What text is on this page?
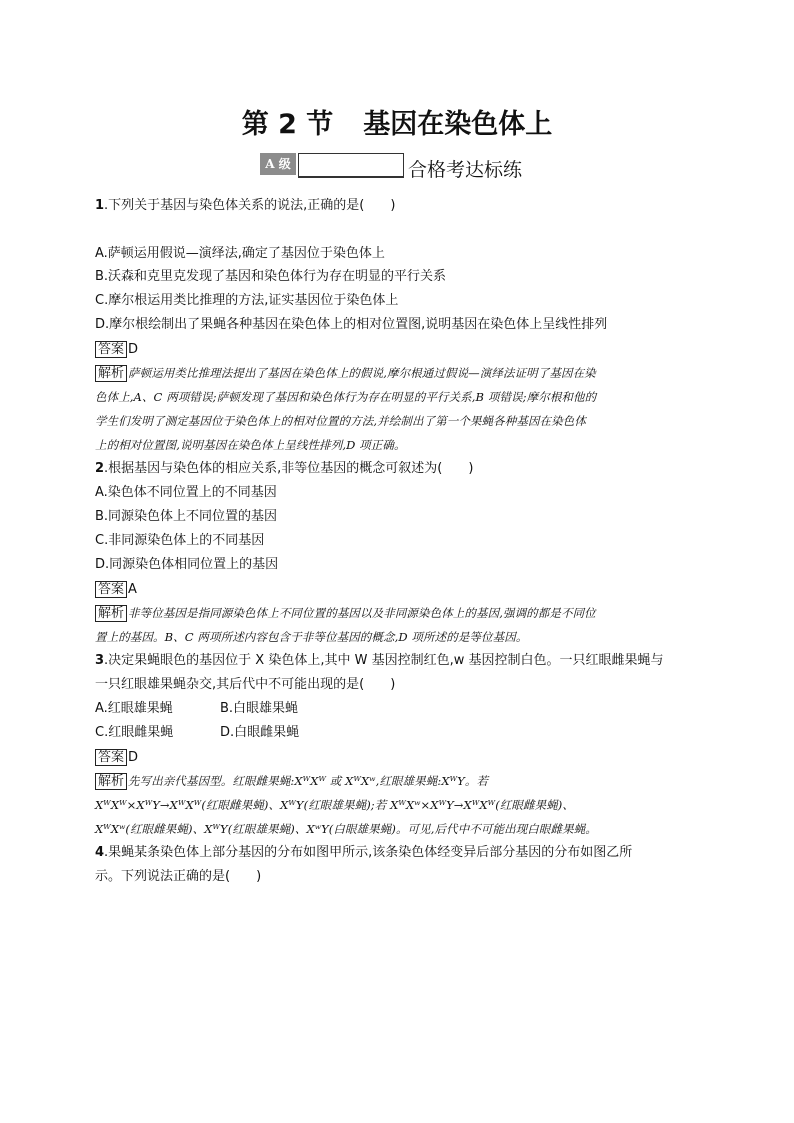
第 2 节 基因在染色体上
A 级	合格考达标练
1.下列关于基因与染色体关系的说法,正确的是(　　)
A.萨顿运用假说—演绎法,确定了基因位于染色体上
B.沃森和克里克发现了基因和染色体行为存在明显的平行关系
C.摩尔根运用类比推理的方法,证实基因位于染色体上
D.摩尔根绘制出了果蝇各种基因在染色体上的相对位置图,说明基因在染色体上呈线性排列
答案 D
解析 萨顿运用类比推理法提出了基因在染色体上的假说,摩尔根通过假说—演绎法证明了基因在染
色体上,A、C 两项错误;萨顿发现了基因和染色体行为存在明显的平行关系,B 项错误;摩尔根和他的
学生们发明了测定基因位于染色体上的相对位置的方法,并绘制出了第一个果蝇各种基因在染色体
上的相对位置图,说明基因在染色体上呈线性排列,D 项正确。
2.根据基因与染色体的相应关系,非等位基因的概念可叙述为(　　)
A.染色体不同位置上的不同基因
B.同源染色体上不同位置的基因
C.非同源染色体上的不同基因
D.同源染色体相同位置上的基因
答案 A
解析 非等位基因是指同源染色体上不同位置的基因以及非同源染色体上的基因,强调的都是不同位
置上的基因。B、C 两项所述内容包含于非等位基因的概念,D 项所述的是等位基因。
3.决定果蝇眼色的基因位于 X 染色体上,其中 W 基因控制红色,w 基因控制白色。一只红眼雌果蝇与
一只红眼雄果蝇杂交,其后代中不可能出现的是(　　)
A.红眼雄果蝇	B.白眼雄果蝇
C.红眼雌果蝇	D.白眼雌果蝇
答案 D
解析 先写出亲代基因型。红眼雌果蝇:XᵂXᵂ 或 XᵂXʷ,红眼雄果蝇:XᵂY。若
XᵂXᵂ×XᵂY→XᵂXᵂ(红眼雌果蝇)、XᵂY(红眼雄果蝇);若 XᵂXʷ×XᵂY→XᵂXᵂ(红眼雌果蝇)、
XᵂXʷ(红眼雌果蝇)、XᵂY(红眼雄果蝇)、XʷY(白眼雄果蝇)。可见,后代中不可能出现白眼雌果蝇。
4.果蝇某条染色体上部分基因的分布如图甲所示,该条染色体经变异后部分基因的分布如图乙所
示。下列说法正确的是(　　)
